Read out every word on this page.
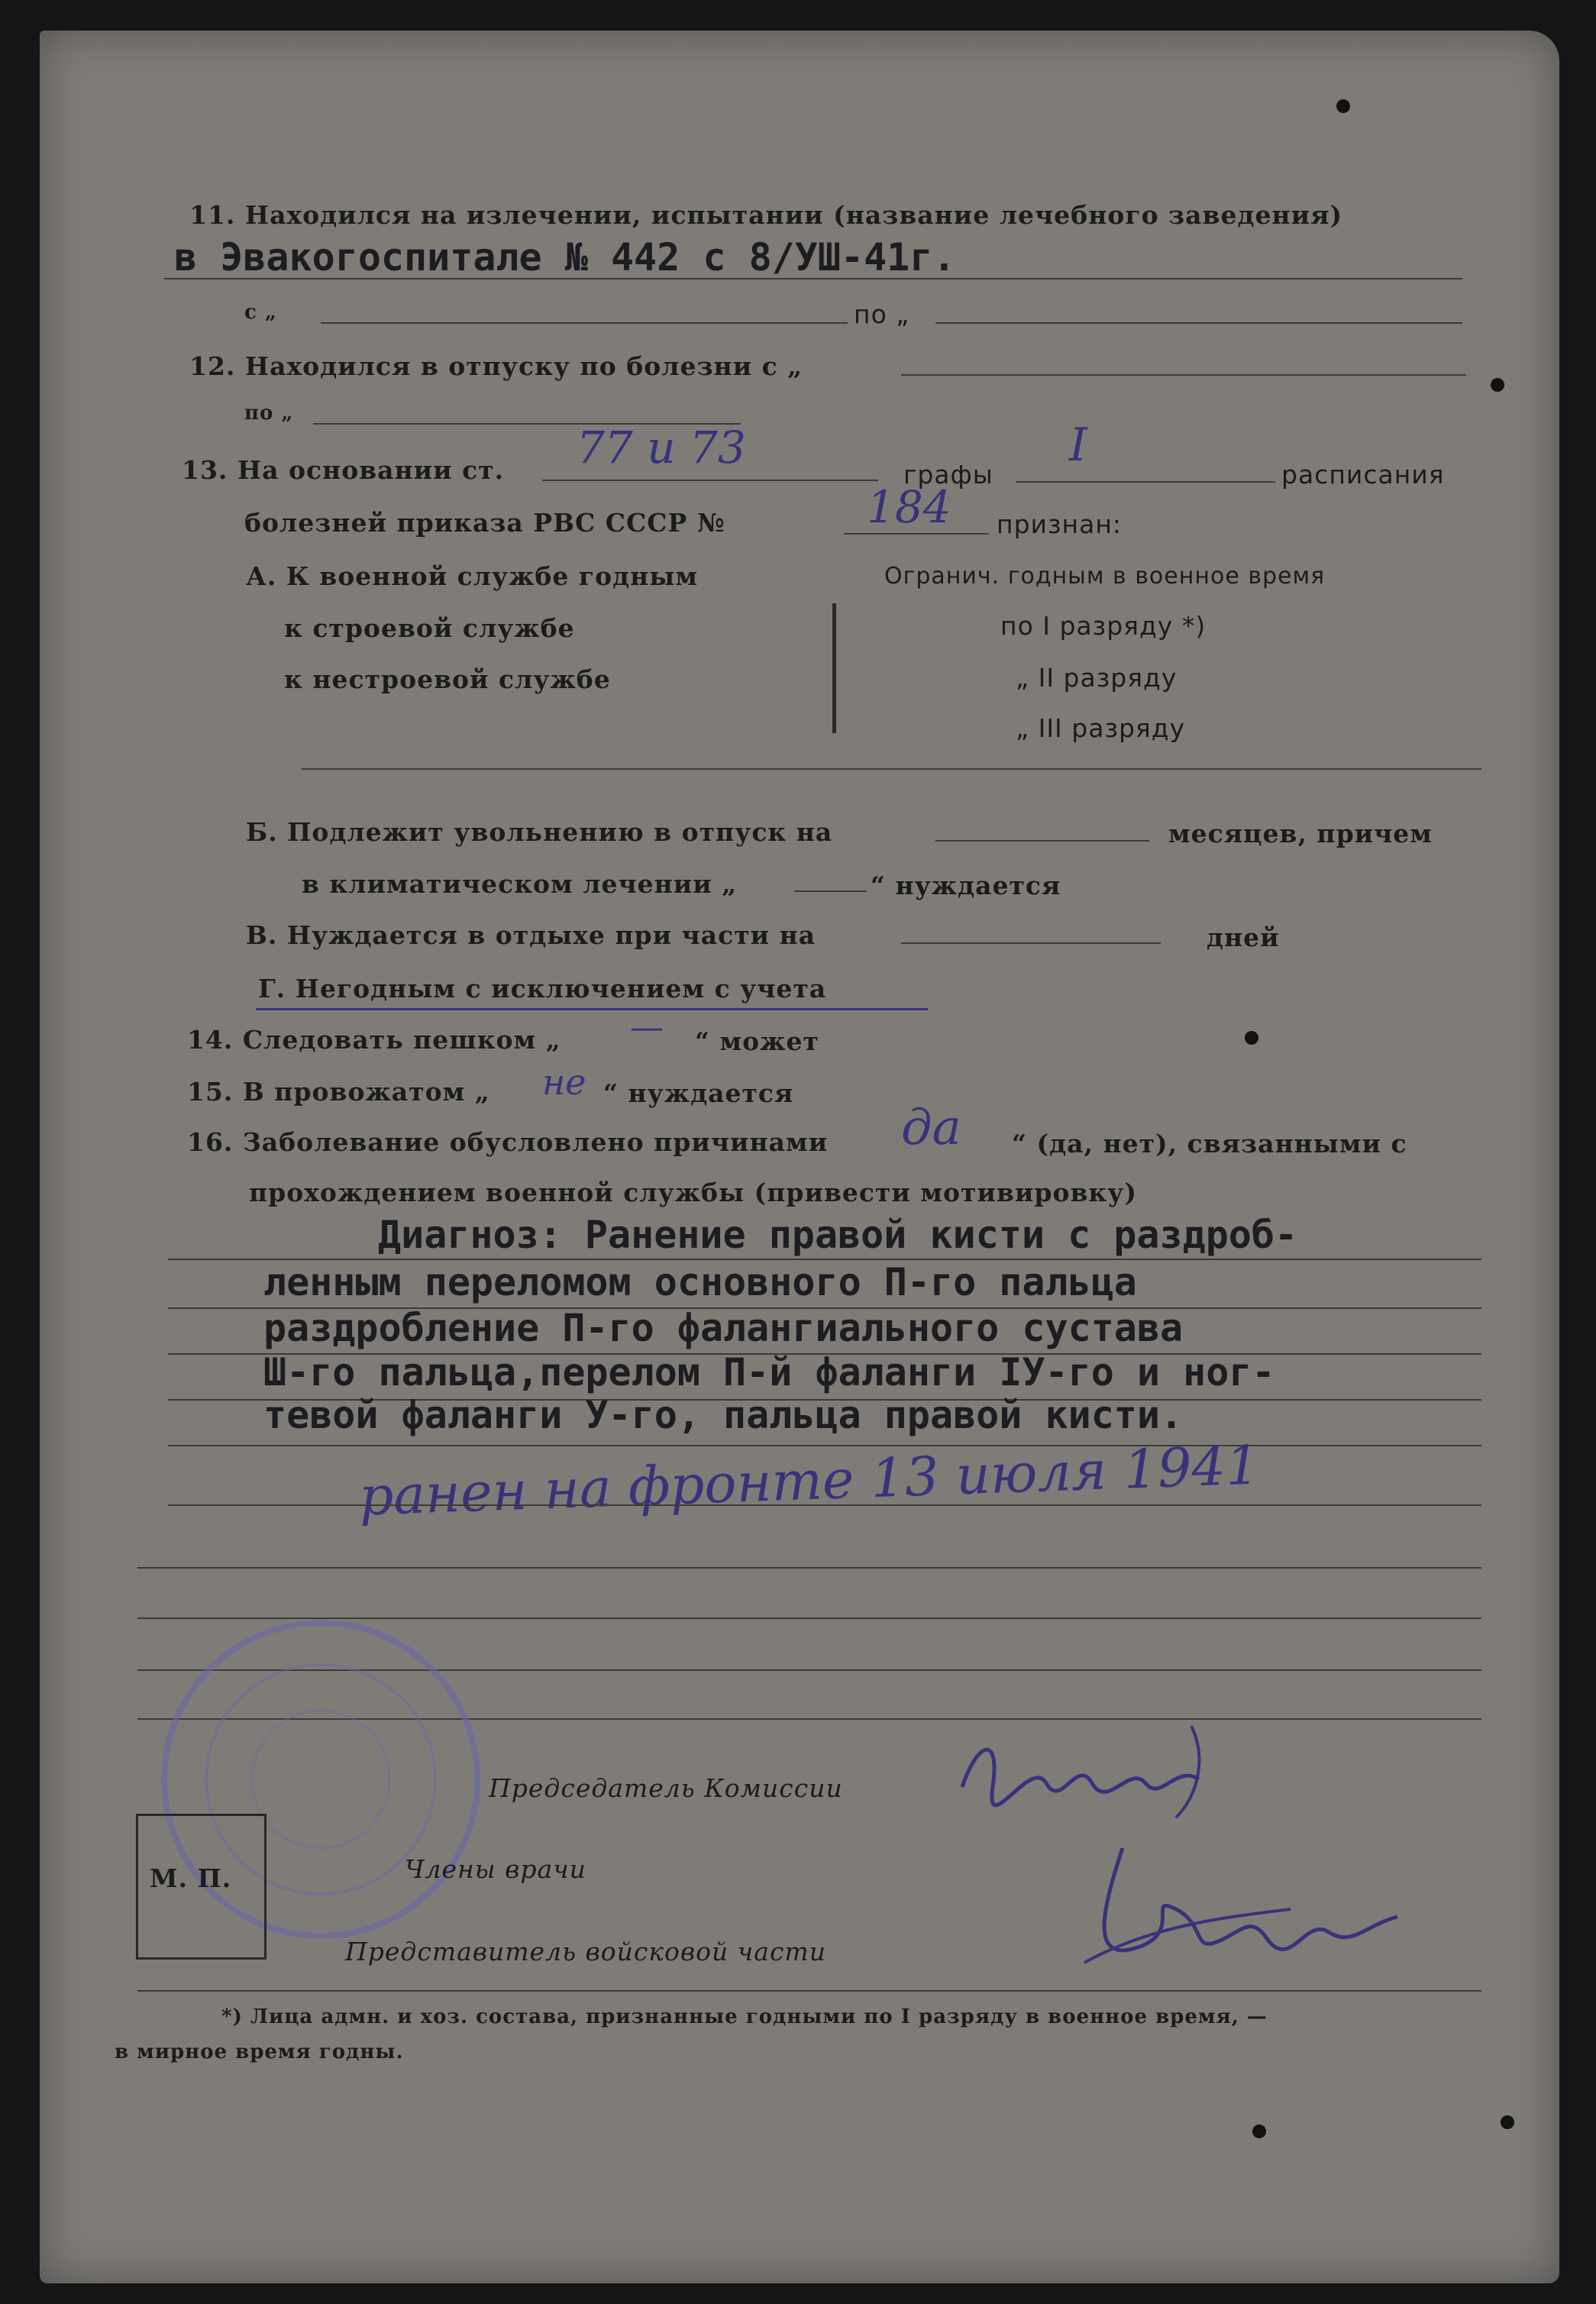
11. Находился на излечении, испытании (название лечебного заведения)
в Эвакогоспитале № 442 с 8/УШ-41г.
с „	по „
12. Находился в отпуску по болезни с „
по „
13. На основании ст. 77 и 73
графы
I
расписания
болезней приказа РВС СССР №	184 признан:
А. К военной службе годным
к строевой службе
к нестроевой службе
Огранич. годным в военное время
по I разряду *)
„ II разряду
„ III разряду
Б. Подлежит увольнению в отпуск на	месяцев, причем
в климатическом лечении „	“ нуждается
В. Нуждается в отдыхе при части на	дней
Г. Негодным с исключением с учета
14. Следовать пешком „ — “ может
15. В провожатом „ не “ нуждается
16. Заболевание обусловлено причинами да “ (да, нет), связанными с
прохождением военной службы (привести мотивировку)
Диагноз: Ранение правой кисти с раздроб-
ленным переломом основного П-го пальца
раздробление П-го фалангиального сустава
Ш-го пальца,перелом П-й фаланги IУ-го и ног-
тевой фаланги У-го, пальца правой кисти.
ранен на фронте 13 июля 1941
М. П.
Председатель Комиссии
Члены врачи
Представитель войсковой части
*) Лица адмн. и хоз. состава, признанные годными по I разряду в военное время, —
в мирное время годны.
